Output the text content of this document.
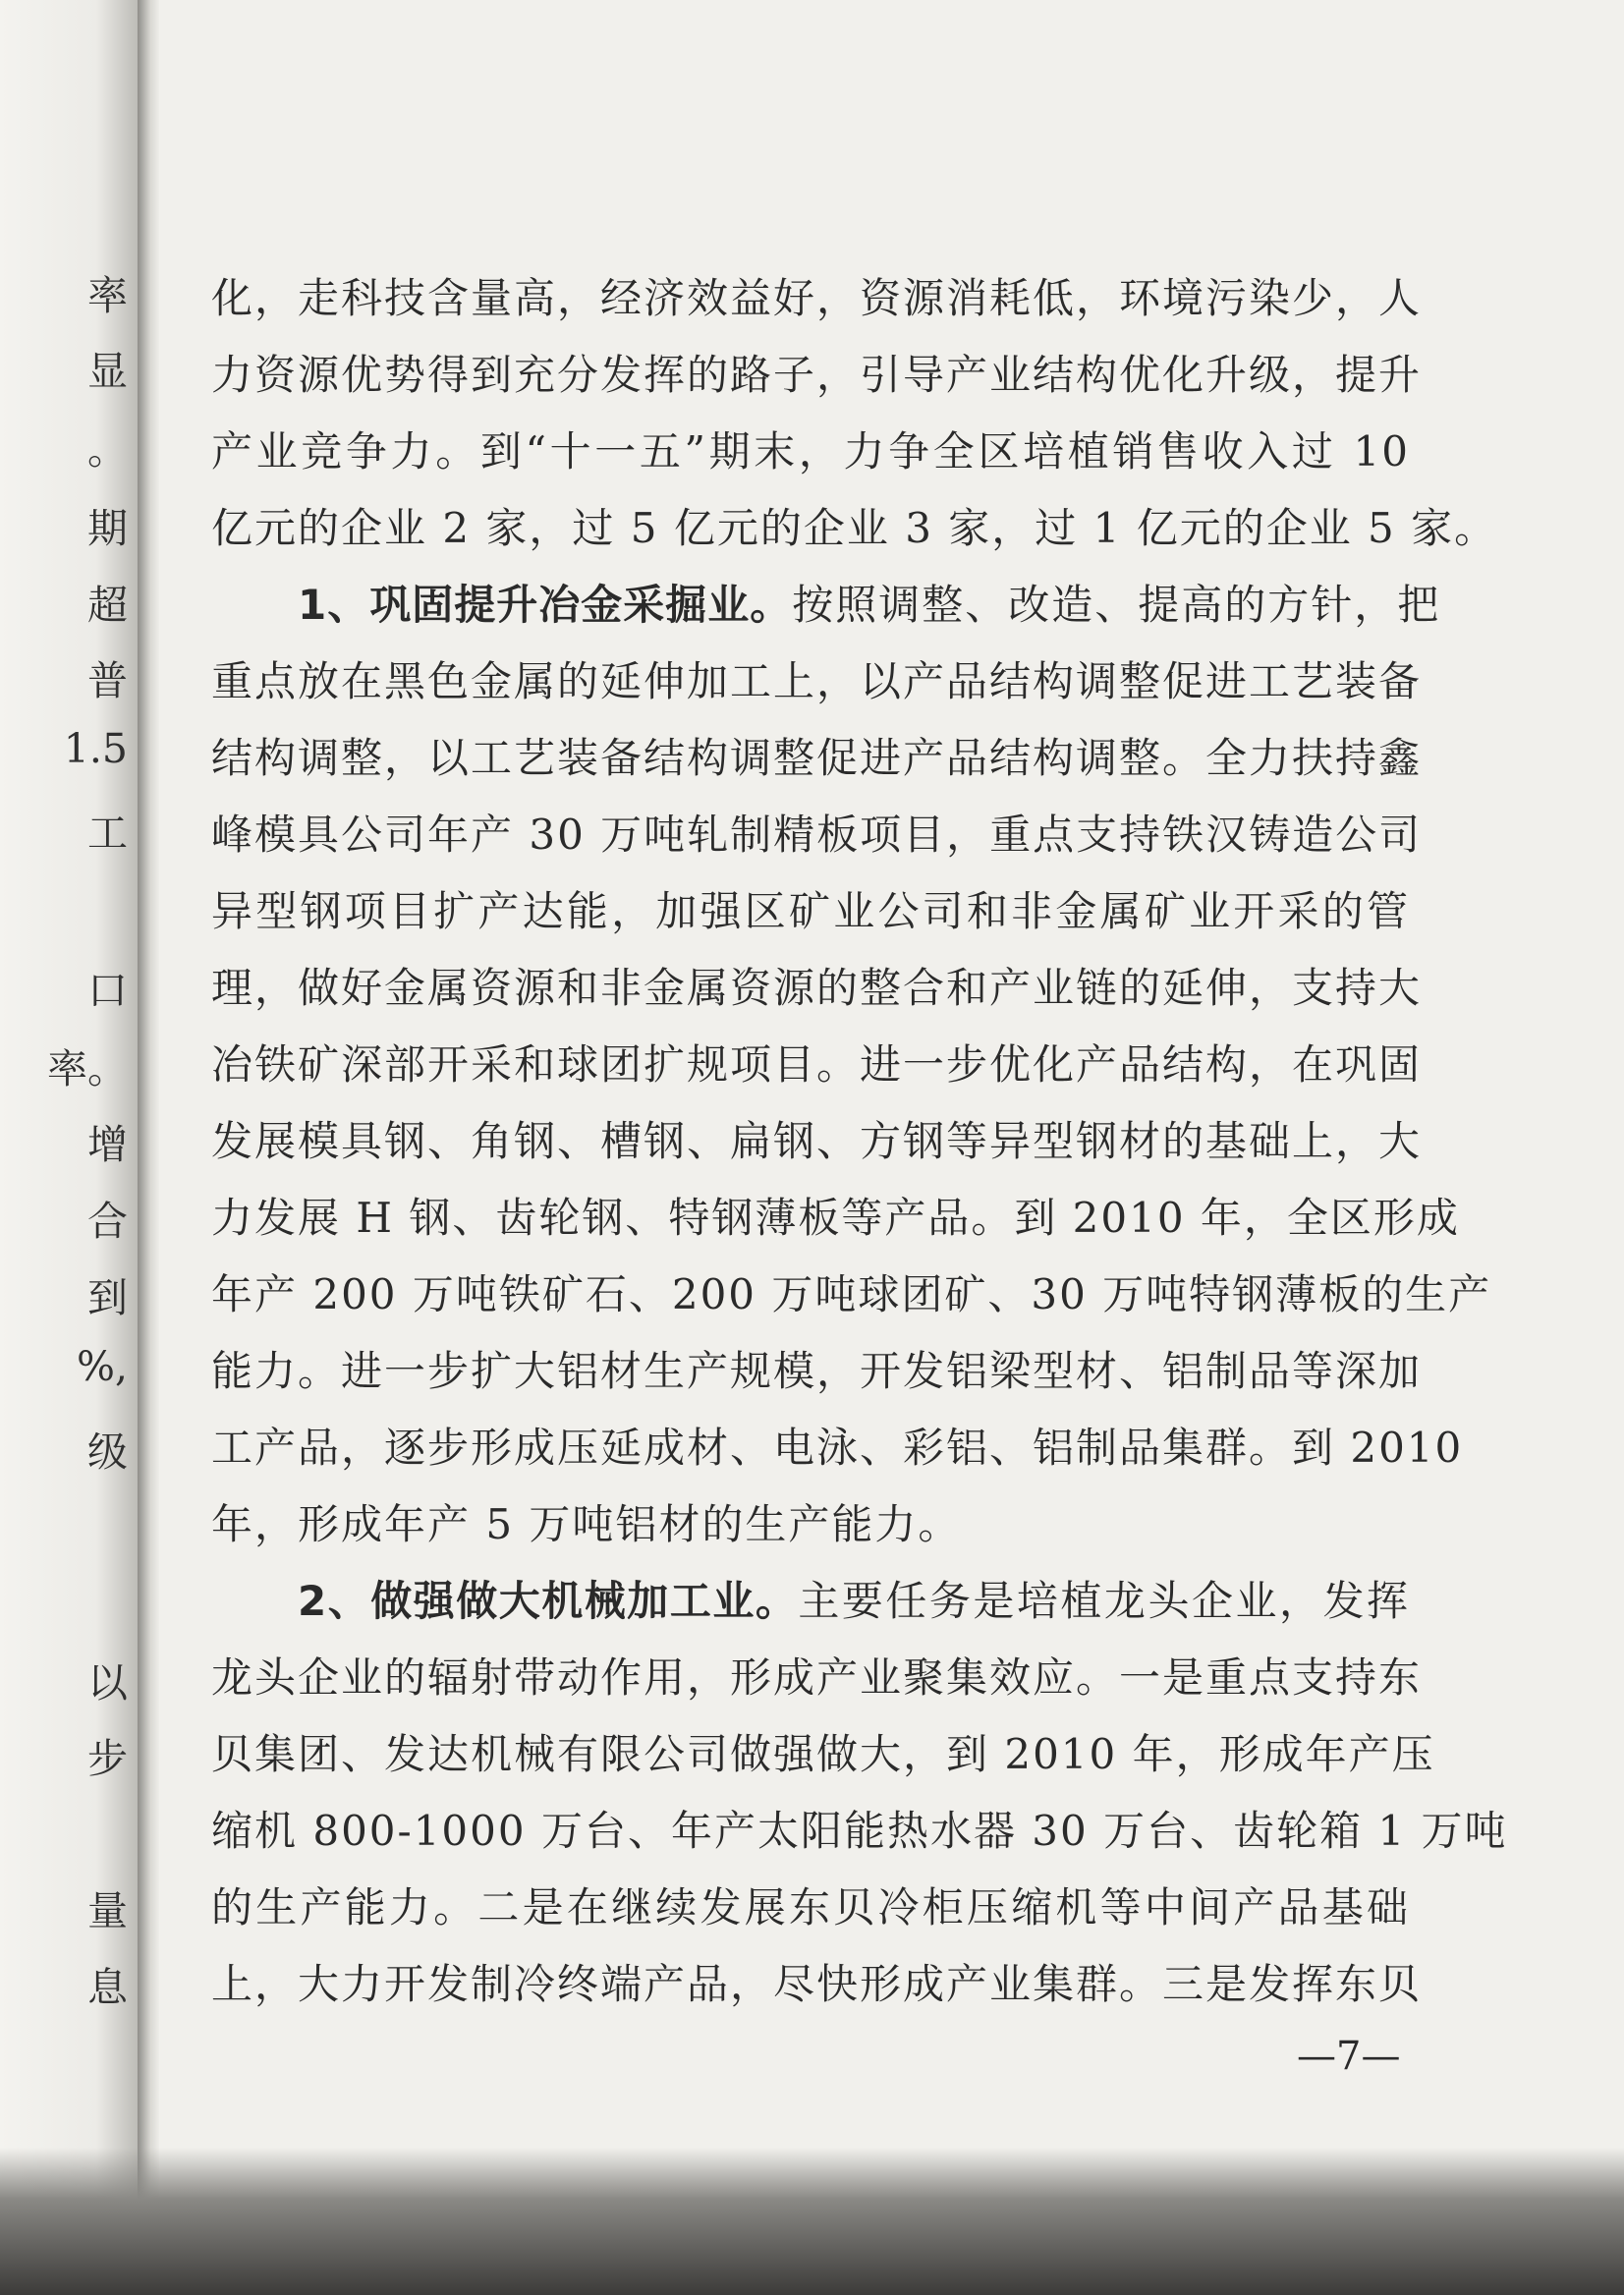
率
显
。
期
超
普
1.5
工
口
率。
增
合
到
%,
级
以
步
量
息
化，走科技含量高，经济效益好，资源消耗低，环境污染少，人
力资源优势得到充分发挥的路子，引导产业结构优化升级，提升
产业竞争力。到“十一五”期末，力争全区培植销售收入过 10
亿元的企业 2 家，过 5 亿元的企业 3 家，过 1 亿元的企业 5 家。
1、巩固提升冶金采掘业。按照调整、改造、提高的方针，把
重点放在黑色金属的延伸加工上，以产品结构调整促进工艺装备
结构调整，以工艺装备结构调整促进产品结构调整。全力扶持鑫
峰模具公司年产 30 万吨轧制精板项目，重点支持铁汉铸造公司
异型钢项目扩产达能，加强区矿业公司和非金属矿业开采的管
理，做好金属资源和非金属资源的整合和产业链的延伸，支持大
冶铁矿深部开采和球团扩规项目。进一步优化产品结构，在巩固
发展模具钢、角钢、槽钢、扁钢、方钢等异型钢材的基础上，大
力发展 H 钢、齿轮钢、特钢薄板等产品。到 2010 年，全区形成
年产 200 万吨铁矿石、200 万吨球团矿、30 万吨特钢薄板的生产
能力。进一步扩大铝材生产规模，开发铝梁型材、铝制品等深加
工产品，逐步形成压延成材、电泳、彩铝、铝制品集群。到 2010
年，形成年产 5 万吨铝材的生产能力。
2、做强做大机械加工业。主要任务是培植龙头企业，发挥
龙头企业的辐射带动作用，形成产业聚集效应。一是重点支持东
贝集团、发达机械有限公司做强做大，到 2010 年，形成年产压
缩机 800-1000 万台、年产太阳能热水器 30 万台、齿轮箱 1 万吨
的生产能力。二是在继续发展东贝冷柜压缩机等中间产品基础
上，大力开发制冷终端产品，尽快形成产业集群。三是发挥东贝
—7—
